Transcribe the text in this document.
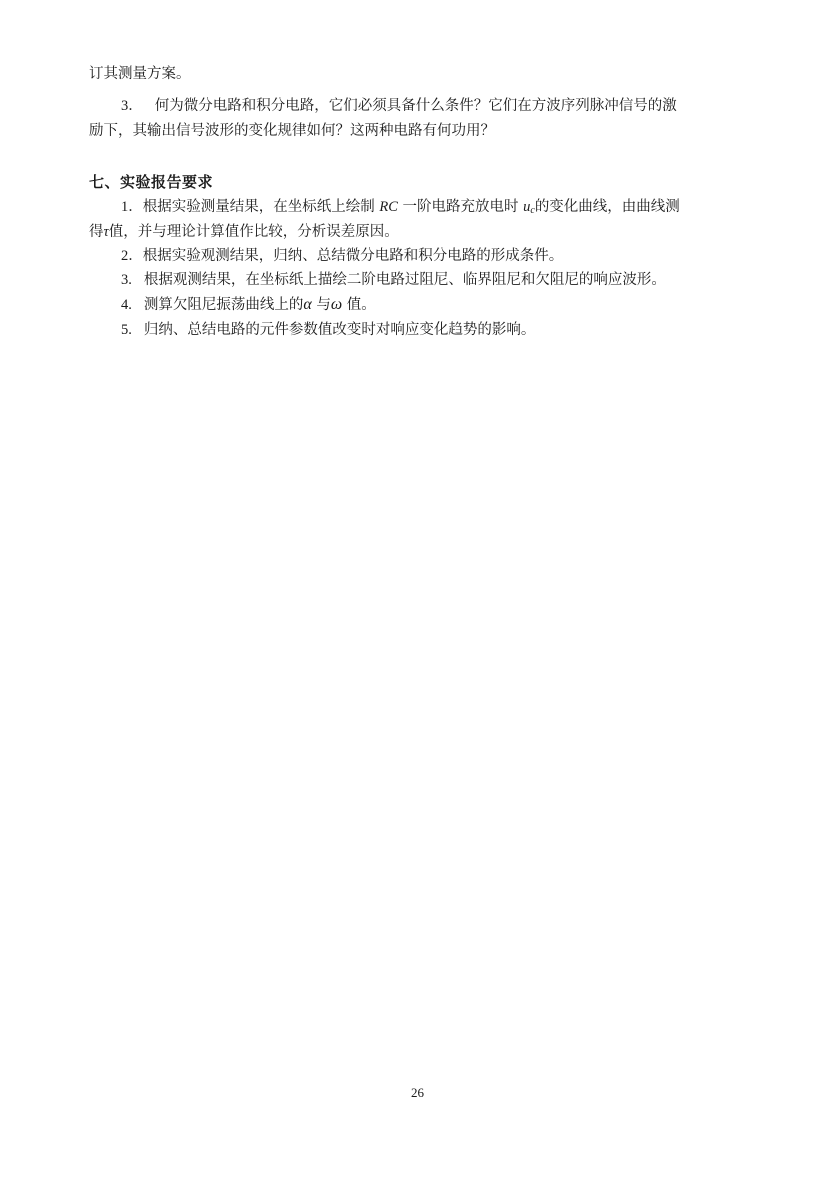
订其测量方案。
3． 何为微分电路和积分电路，它们必须具备什么条件？它们在方波序列脉冲信号的激
励下，其输出信号波形的变化规律如何？这两种电路有何功用？
七、实验报告要求
1．根据实验测量结果，在坐标纸上绘制 RC 一阶电路充放电时 $u_c$的变化曲线，由曲线测
得τ值，并与理论计算值作比较，分析误差原因。
2．根据实验观测结果，归纳、总结微分电路和积分电路的形成条件。
3. 根据观测结果，在坐标纸上描绘二阶电路过阻尼、临界阻尼和欠阻尼的响应波形。
4. 测算欠阻尼振荡曲线上的α 与ω 值。
5. 归纳、总结电路的元件参数值改变时对响应变化趋势的影响。
26
